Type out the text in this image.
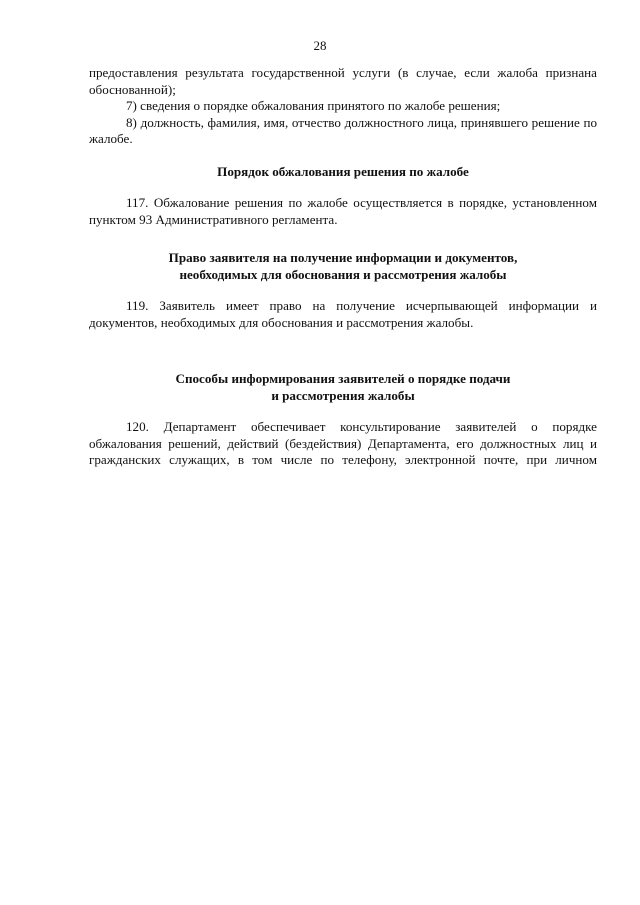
28

предоставления результата государственной услуги (в случае, если жалоба признана обоснованной);

7) сведения о порядке обжалования принятого по жалобе решения;

8) должность, фамилия, имя, отчество должностного лица, принявшего решение по жалобе.

Порядок обжалования решения по жалобе

117. Обжалование решения по жалобе осуществляется в порядке, установленном пунктом 93 Административного регламента.

Право заявителя на получение информации и документов,
необходимых для обоснования и рассмотрения жалобы

119. Заявитель имеет право на получение исчерпывающей информации и документов, необходимых для обоснования и рассмотрения жалобы.

Способы информирования заявителей о порядке подачи
и рассмотрения жалобы

120. Департамент обеспечивает консультирование заявителей о порядке обжалования решений, действий (бездействия) Департамента, его должностных лиц и гражданских служащих, в том числе по телефону, электронной почте, при личном
